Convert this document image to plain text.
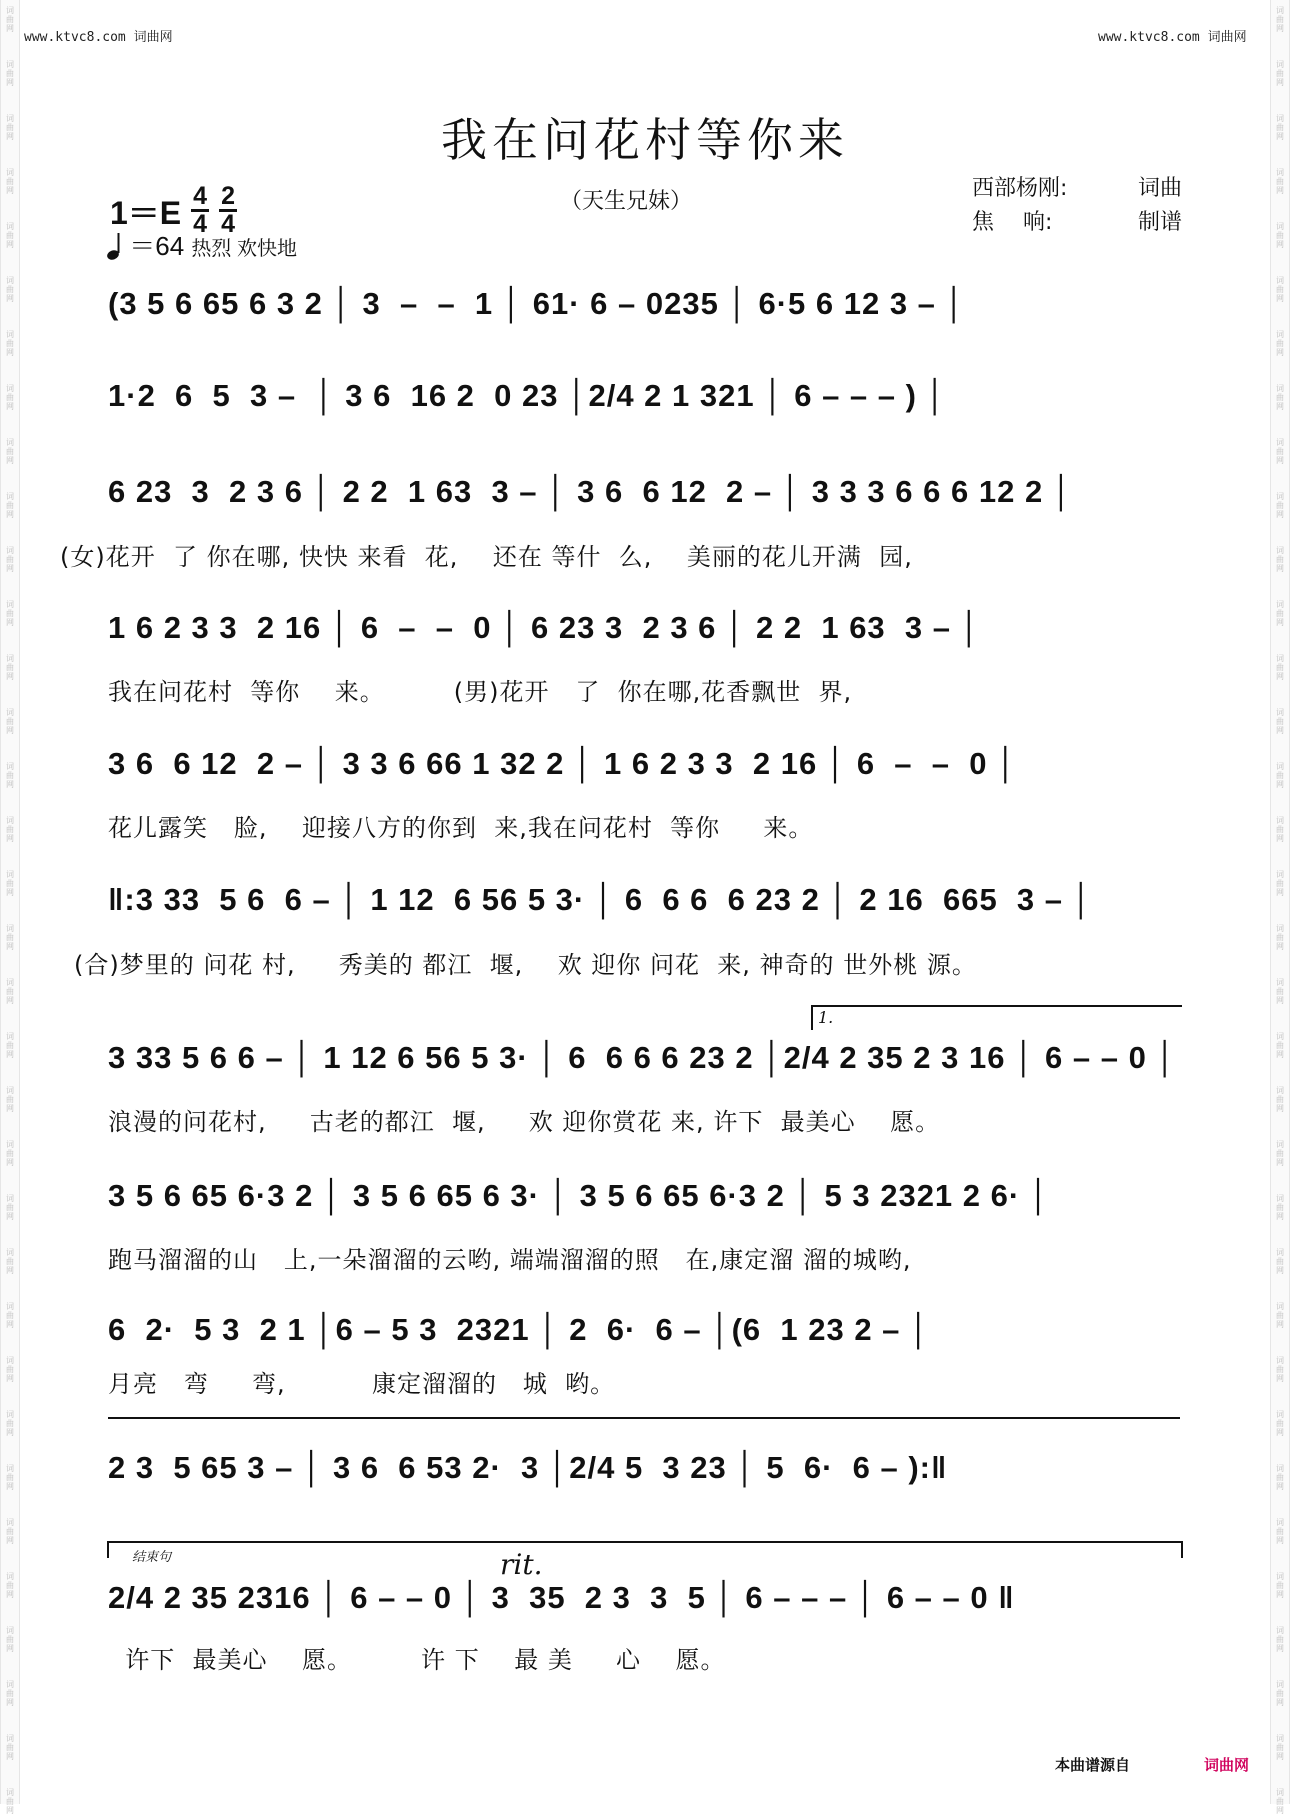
词
曲
网
词
曲
网
词
曲
网
词
曲
网
词
曲
网
词
曲
网
词
曲
网
词
曲
网
词
曲
网
词
曲
网
词
曲
网
词
曲
网
词
曲
网
词
曲
网
词
曲
网
词
曲
网
词
曲
网
词
曲
网
词
曲
网
词
曲
网
词
曲
网
词
曲
网
词
曲
网
词
曲
网
词
曲
网
词
曲
网
词
曲
网
词
曲
网
词
曲
网
词
曲
网
词
曲
网
词
曲
网
词
曲
网
词
曲
网
词
曲
网
词
曲
网
词
曲
网
词
曲
网
词
曲
网
词
曲
网
词
曲
网
词
曲
网
词
曲
网
词
曲
网
词
曲
网
词
曲
网
词
曲
网
词
曲
网
词
曲
网
词
曲
网
词
曲
网
词
曲
网
词
曲
网
词
曲
网
词
曲
网
词
曲
网
词
曲
网
词
曲
网
词
曲
网
词
曲
网
词
曲
网
词
曲
网
词
曲
网
词
曲
网
词
曲
网
词
曲
网
词
曲
网
词
曲
网
www.ktvc8.com 词曲网	www.ktvc8.com 词曲网
我在问花村等你来
（天生兄妹）
$1=E \frac{4}{4} \frac{2}{4}$
＝64 热烈 欢快地
西部杨刚:	词曲
焦　 响:	制谱
(3 5 6 65 6 3 2 │ 3  –  –  1 │ 61· 6 – 0235 │ 6·5 6 12 3 – │
1·2  6  5  3 –  │ 3 6  16 2  0 23 │2/4 2 1 321 │ 6 – – – ) │
6 23  3  2 3 6 │ 2 2  1 63  3 – │ 3 6  6 12  2 – │ 3 3 3 6 6 6 12 2 │
(女)花开  了 你在哪, 快快 来看  花,    还在 等什  么,    美丽的花儿开满  园,
1 6 2 3 3  2 16 │ 6  –  –  0 │ 6 23 3  2 3 6 │ 2 2  1 63  3 – │
我在问花村  等你    来。        (男)花开   了  你在哪,花香飘世  界,
3 6  6 12  2 – │ 3 3 6 66 1 32 2 │ 1 6 2 3 3  2 16 │ 6  –  –  0 │
花儿露笑   脸,    迎接八方的你到  来,我在问花村  等你     来。
‖:3 33  5 6  6 – │ 1 12  6 56 5 3· │ 6  6 6  6 23 2 │ 2 16  665  3 – │
(合)梦里的 问花 村,     秀美的 都江  堰,    欢 迎你 问花  来, 神奇的 世外桃 源。
1.
3 33 5 6 6 – │ 1 12 6 56 5 3· │ 6  6 6 6 23 2 │2/4 2 35 2 3 16 │ 6 – – 0 │
浪漫的问花村,     古老的都江  堰,     欢 迎你赏花 来, 许下  最美心    愿。
3 5 6 65 6·3 2 │ 3 5 6 65 6 3· │ 3 5 6 65 6·3 2 │ 5 3 2321 2 6· │
跑马溜溜的山   上,一朵溜溜的云哟, 端端溜溜的照   在,康定溜 溜的城哟,
6  2·  5 3  2 1 │6 – 5 3  2321 │ 2  6·  6 – │(6  1 23 2 – │
月亮   弯     弯,          康定溜溜的   城  哟。
2 3  5 65 3 – │ 3 6  6 53 2·  3 │2/4 5  3 23 │ 5  6·  6 – ):‖
结束句	rit.
2/4 2 35 2316 │ 6 – – 0 │ 3  35  2 3  3  5 │ 6 – – – │ 6 – – 0 ‖
许下  最美心    愿。        许 下    最 美     心    愿。
本曲谱源自	词曲网
